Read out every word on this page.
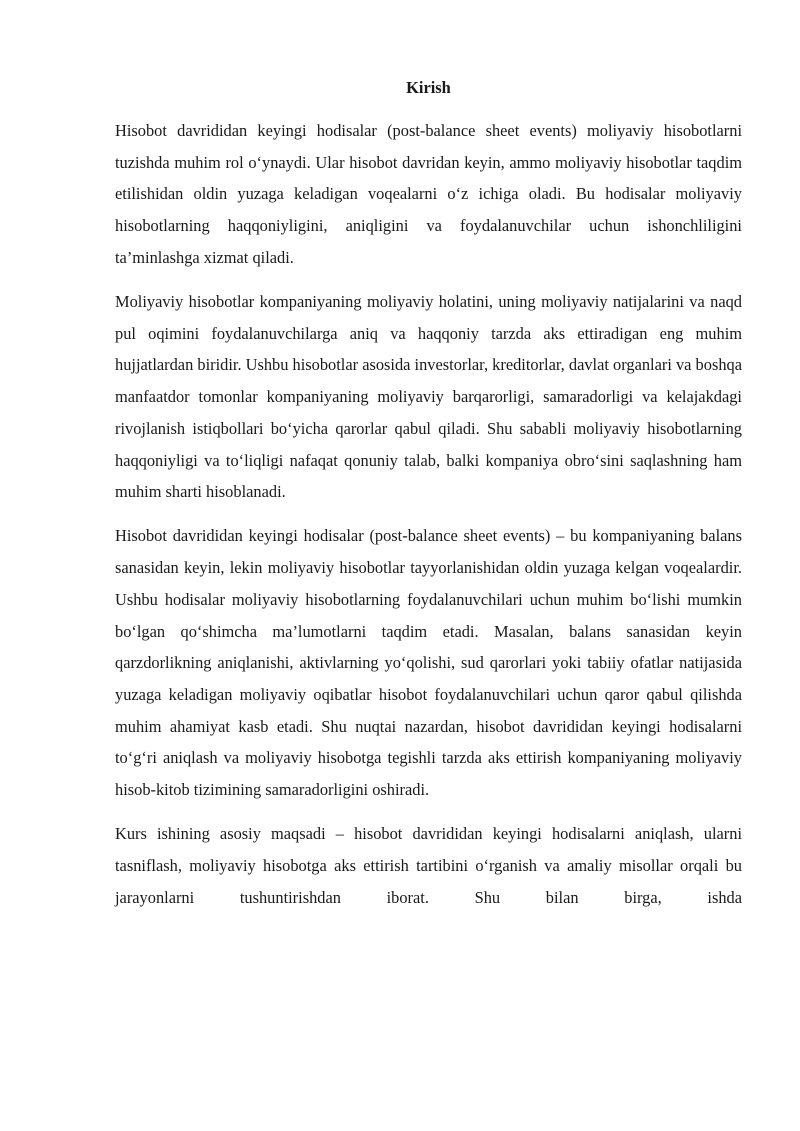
Kirish

Hisobot davrididan keyingi hodisalar (post-balance sheet events) moliyaviy hisobotlarni tuzishda muhim rol o‘ynaydi. Ular hisobot davridan keyin, ammo moliyaviy hisobotlar taqdim etilishidan oldin yuzaga keladigan voqealarni o‘z ichiga oladi. Bu hodisalar moliyaviy hisobotlarning haqqoniyligini, aniqligini va foydalanuvchilar uchun ishonchliligini ta’minlashga xizmat qiladi.

Moliyaviy hisobotlar kompaniyaning moliyaviy holatini, uning moliyaviy natijalarini va naqd pul oqimini foydalanuvchilarga aniq va haqqoniy tarzda aks ettiradigan eng muhim hujjatlardan biridir. Ushbu hisobotlar asosida investorlar, kreditorlar, davlat organlari va boshqa manfaatdor tomonlar kompaniyaning moliyaviy barqarorligi, samaradorligi va kelajakdagi rivojlanish istiqbollari bo‘yicha qarorlar qabul qiladi. Shu sababli moliyaviy hisobotlarning haqqoniyligi va to‘liqligi nafaqat qonuniy talab, balki kompaniya obro‘sini saqlashning ham muhim sharti hisoblanadi.

Hisobot davrididan keyingi hodisalar (post-balance sheet events) – bu kompaniyaning balans sanasidan keyin, lekin moliyaviy hisobotlar tayyorlanishidan oldin yuzaga kelgan voqealardir. Ushbu hodisalar moliyaviy hisobotlarning foydalanuvchilari uchun muhim bo‘lishi mumkin bo‘lgan qo‘shimcha ma’lumotlarni taqdim etadi. Masalan, balans sanasidan keyin qarzdorlikning aniqlanishi, aktivlarning yo‘qolishi, sud qarorlari yoki tabiiy ofatlar natijasida yuzaga keladigan moliyaviy oqibatlar hisobot foydalanuvchilari uchun qaror qabul qilishda muhim ahamiyat kasb etadi. Shu nuqtai nazardan, hisobot davrididan keyingi hodisalarni to‘g‘ri aniqlash va moliyaviy hisobotga tegishli tarzda aks ettirish kompaniyaning moliyaviy hisob-kitob tizimining samaradorligini oshiradi.

Kurs ishining asosiy maqsadi – hisobot davrididan keyingi hodisalarni aniqlash, ularni tasniflash, moliyaviy hisobotga aks ettirish tartibini o‘rganish va amaliy misollar orqali bu jarayonlarni tushuntirishdan iborat. Shu bilan birga, ishda
